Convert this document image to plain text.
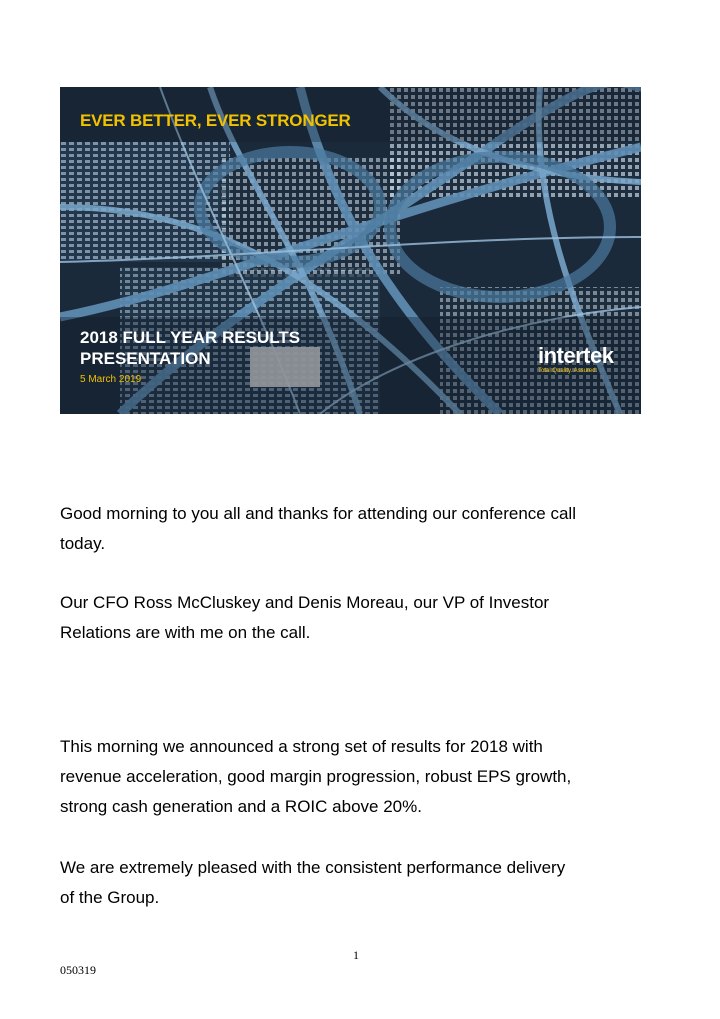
EVER BETTER, EVER STRONGER
2018 FULL YEAR RESULTS
PRESENTATION
5 March 2019
intertek
Total Quality. Assured.

Good morning to you all and thanks for attending our conference call
today.

Our CFO Ross McCluskey and Denis Moreau, our VP of Investor
Relations are with me on the call.

This morning we announced a strong set of results for 2018 with
revenue acceleration, good margin progression, robust EPS growth,
strong cash generation and a ROIC above 20%.

We are extremely pleased with the consistent performance delivery
of the Group.

1
050319
